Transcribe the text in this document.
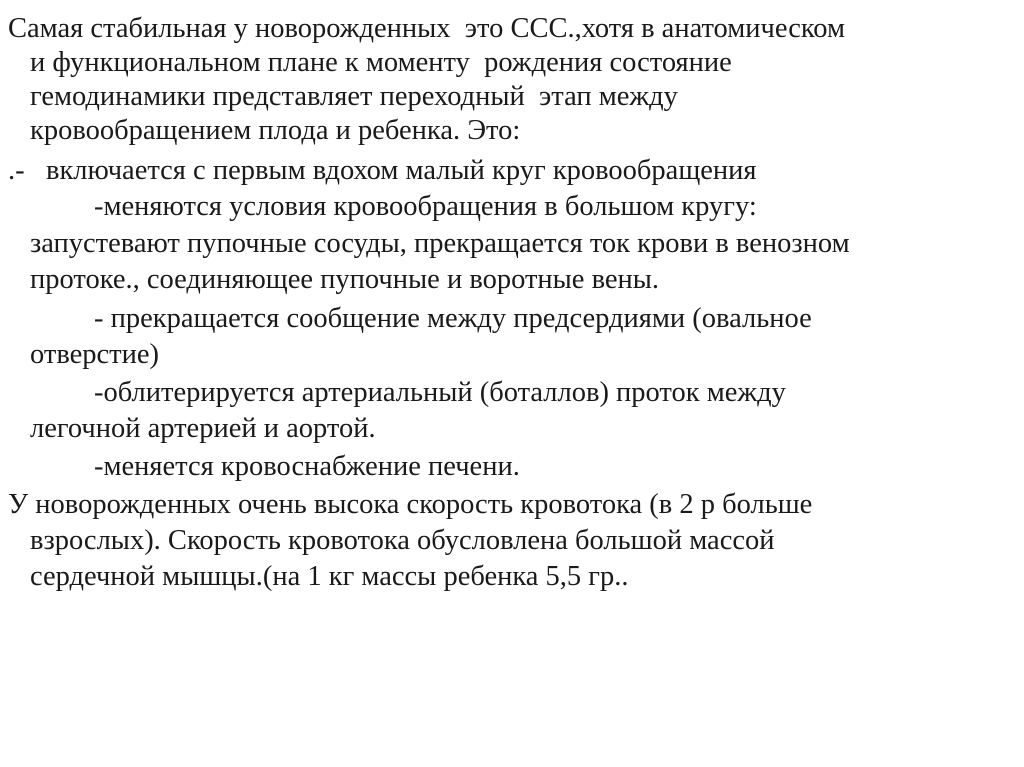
Самая стабильная у новорожденных  это ССС.,хотя в анатомическом
и функциональном плане к моменту  рождения состояние
гемодинамики представляет переходный  этап между
кровообращением плода и ребенка. Это:
.-   включается с первым вдохом малый круг кровообращения
-меняются условия кровообращения в большом кругу:
запустевают пупочные сосуды, прекращается ток крови в венозном
протоке., соединяющее пупочные и воротные вены.
- прекращается сообщение между предсердиями (овальное
отверстие)
-облитерируется артериальный (боталлов) проток между
легочной артерией и аортой.
-меняется кровоснабжение печени.
У новорожденных очень высока скорость кровотока (в 2 р больше
взрослых). Скорость кровотока обусловлена большой массой
сердечной мышцы.(на 1 кг массы ребенка 5,5 гр..
